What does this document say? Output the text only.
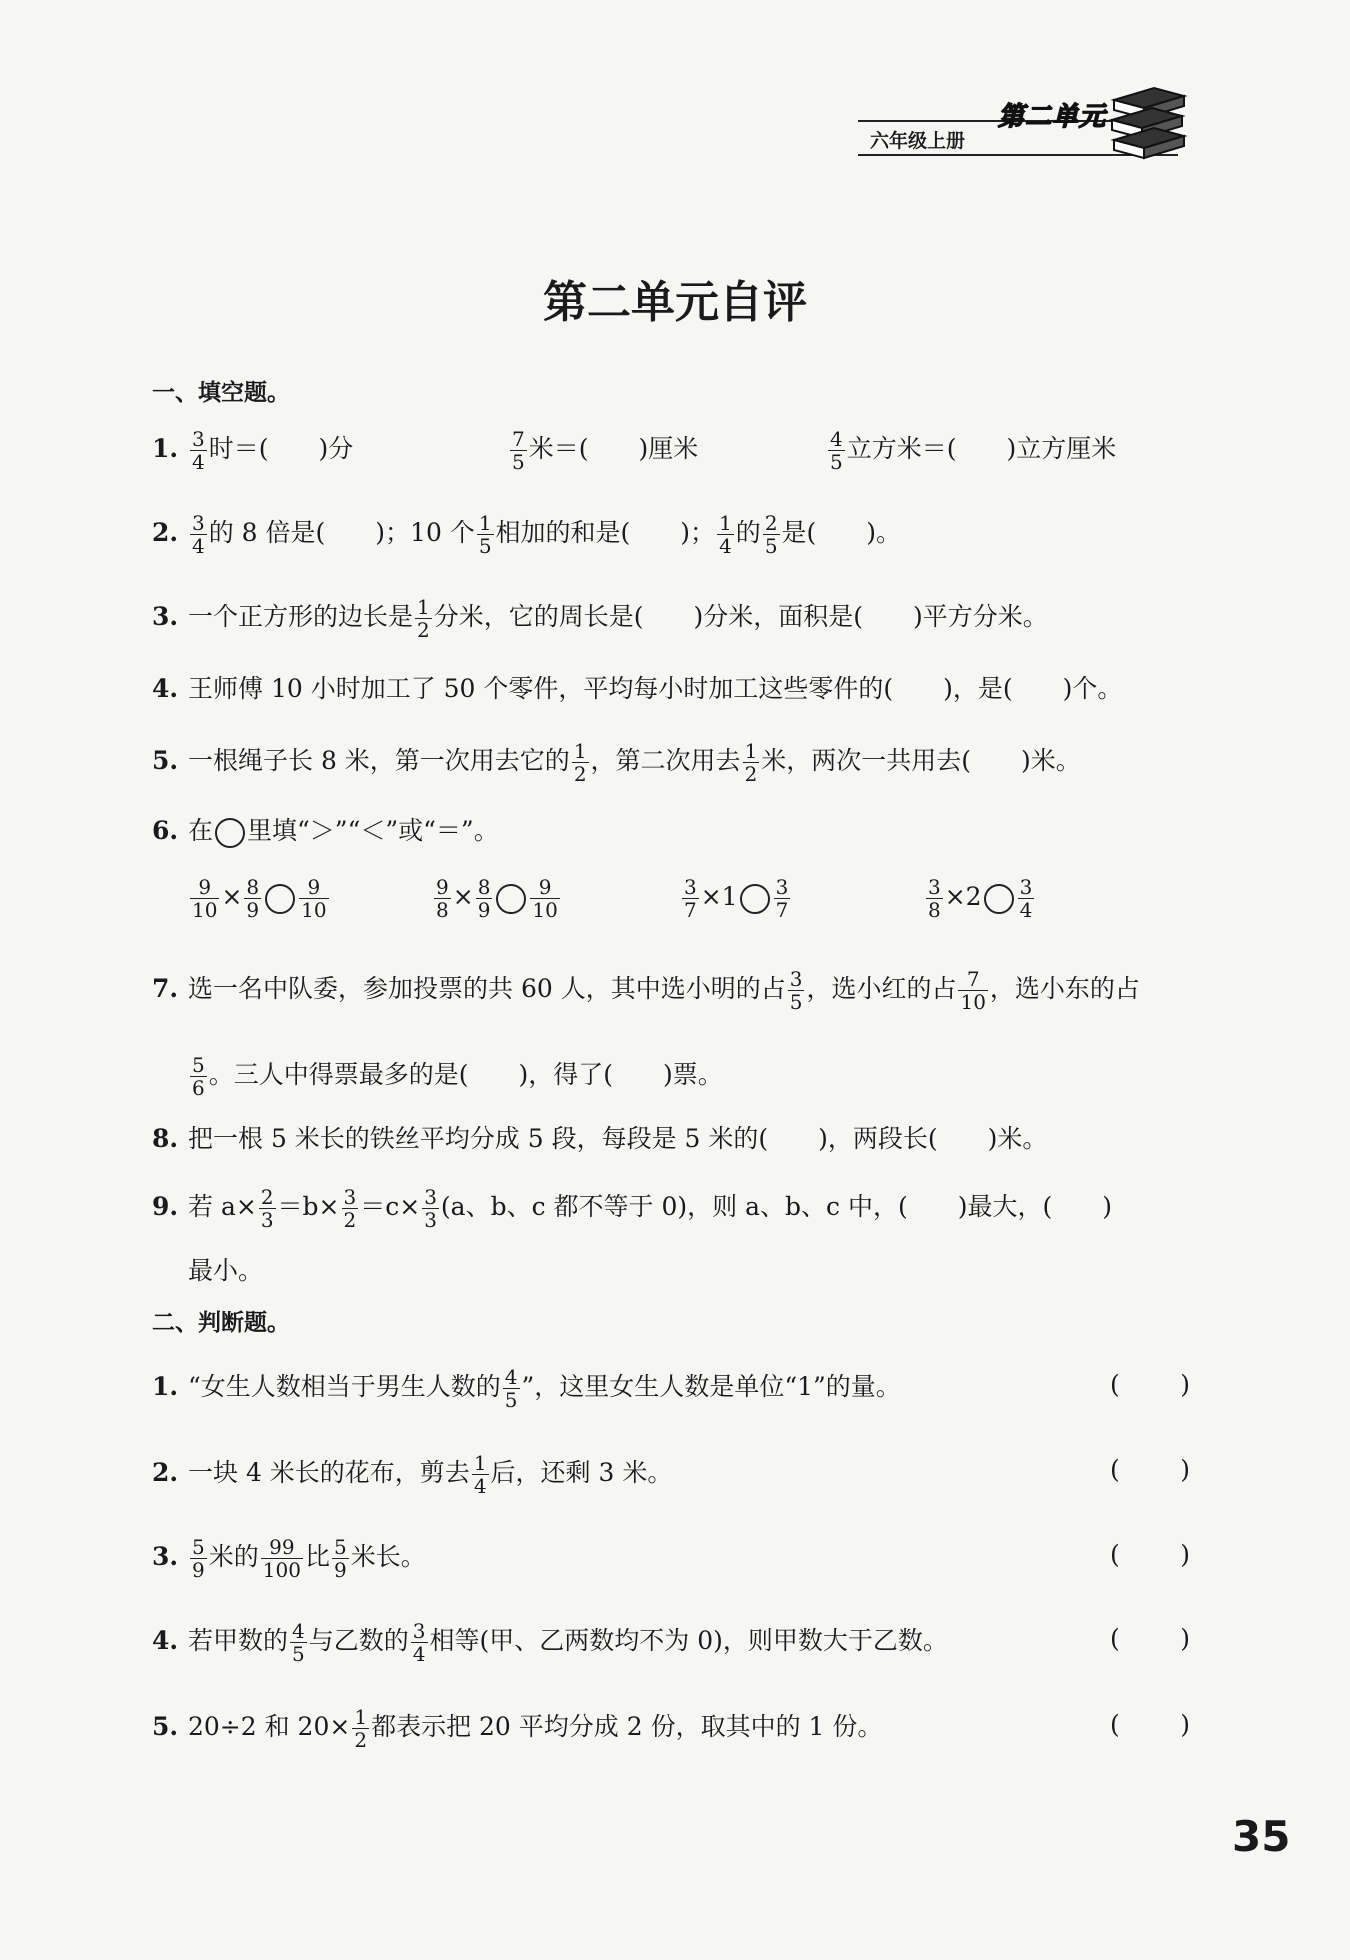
六年级上册
第二单元
第二单元自评
一、填空题。
1. $\frac{3}{4}$ 时＝(　　)分	$\frac{7}{5}$ 米＝(　　)厘米	$\frac{4}{5}$ 立方米＝(　　)立方厘米
2. $\frac{3}{4}$ 的 8 倍是(　　)；10 个 $\frac{1}{5}$ 相加的和是(　　)； $\frac{1}{4}$ 的 $\frac{2}{5}$ 是(　　)。
3. 一个正方形的边长是 $\frac{1}{2}$ 分米，它的周长是(　　)分米，面积是(　　)平方分米。
4. 王师傅 10 小时加工了 50 个零件，平均每小时加工这些零件的(　　)，是(　　)个。
5. 一根绳子长 8 米，第一次用去它的 $\frac{1}{2}$ ，第二次用去 $\frac{1}{2}$ 米，两次一共用去(　　)米。
6. 在 里填“＞”“＜”或“＝”。
$\frac{9}{10} \times \frac{8}{9} \frac{9}{10}$	$\frac{9}{8} \times \frac{8}{9} \frac{9}{10}$	$\frac{3}{7} \times 1 \frac{3}{7}$	$\frac{3}{8} \times 2 \frac{3}{4}$
7. 选一名中队委，参加投票的共 60 人，其中选小明的占 $\frac{3}{5}$ ，选小红的占 $\frac{7}{10}$ ，选小东的占
$\frac{5}{6}$ 。三人中得票最多的是(　　)，得了(　　)票。
8. 把一根 5 米长的铁丝平均分成 5 段，每段是 5 米的(　　)，两段长(　　)米。
9. 若 $a\times \frac{2}{3} =b\times \frac{3}{2} =c\times \frac{3}{3} (a$、b、c 都不等于 0)，则 a、b、c 中，(　　)最大，(　　)
最小。
二、判断题。
1. “女生人数相当于男生人数的 $\frac{4}{5}$ ”，这里女生人数是单位“1”的量。	( )
2. 一块 4 米长的花布，剪去 $\frac{1}{4}$ 后，还剩 3 米。	( )
3. $\frac{5}{9}$ 米的 $\frac{99}{100}$ 比 $\frac{5}{9}$ 米长。	( )
4. 若甲数的 $\frac{4}{5}$ 与乙数的 $\frac{3}{4}$ 相等(甲、乙两数均不为 0)，则甲数大于乙数。	( )
5. 20÷2 和 $20\times \frac{1}{2}$ 都表示把 20 平均分成 2 份，取其中的 1 份。	( )
35
